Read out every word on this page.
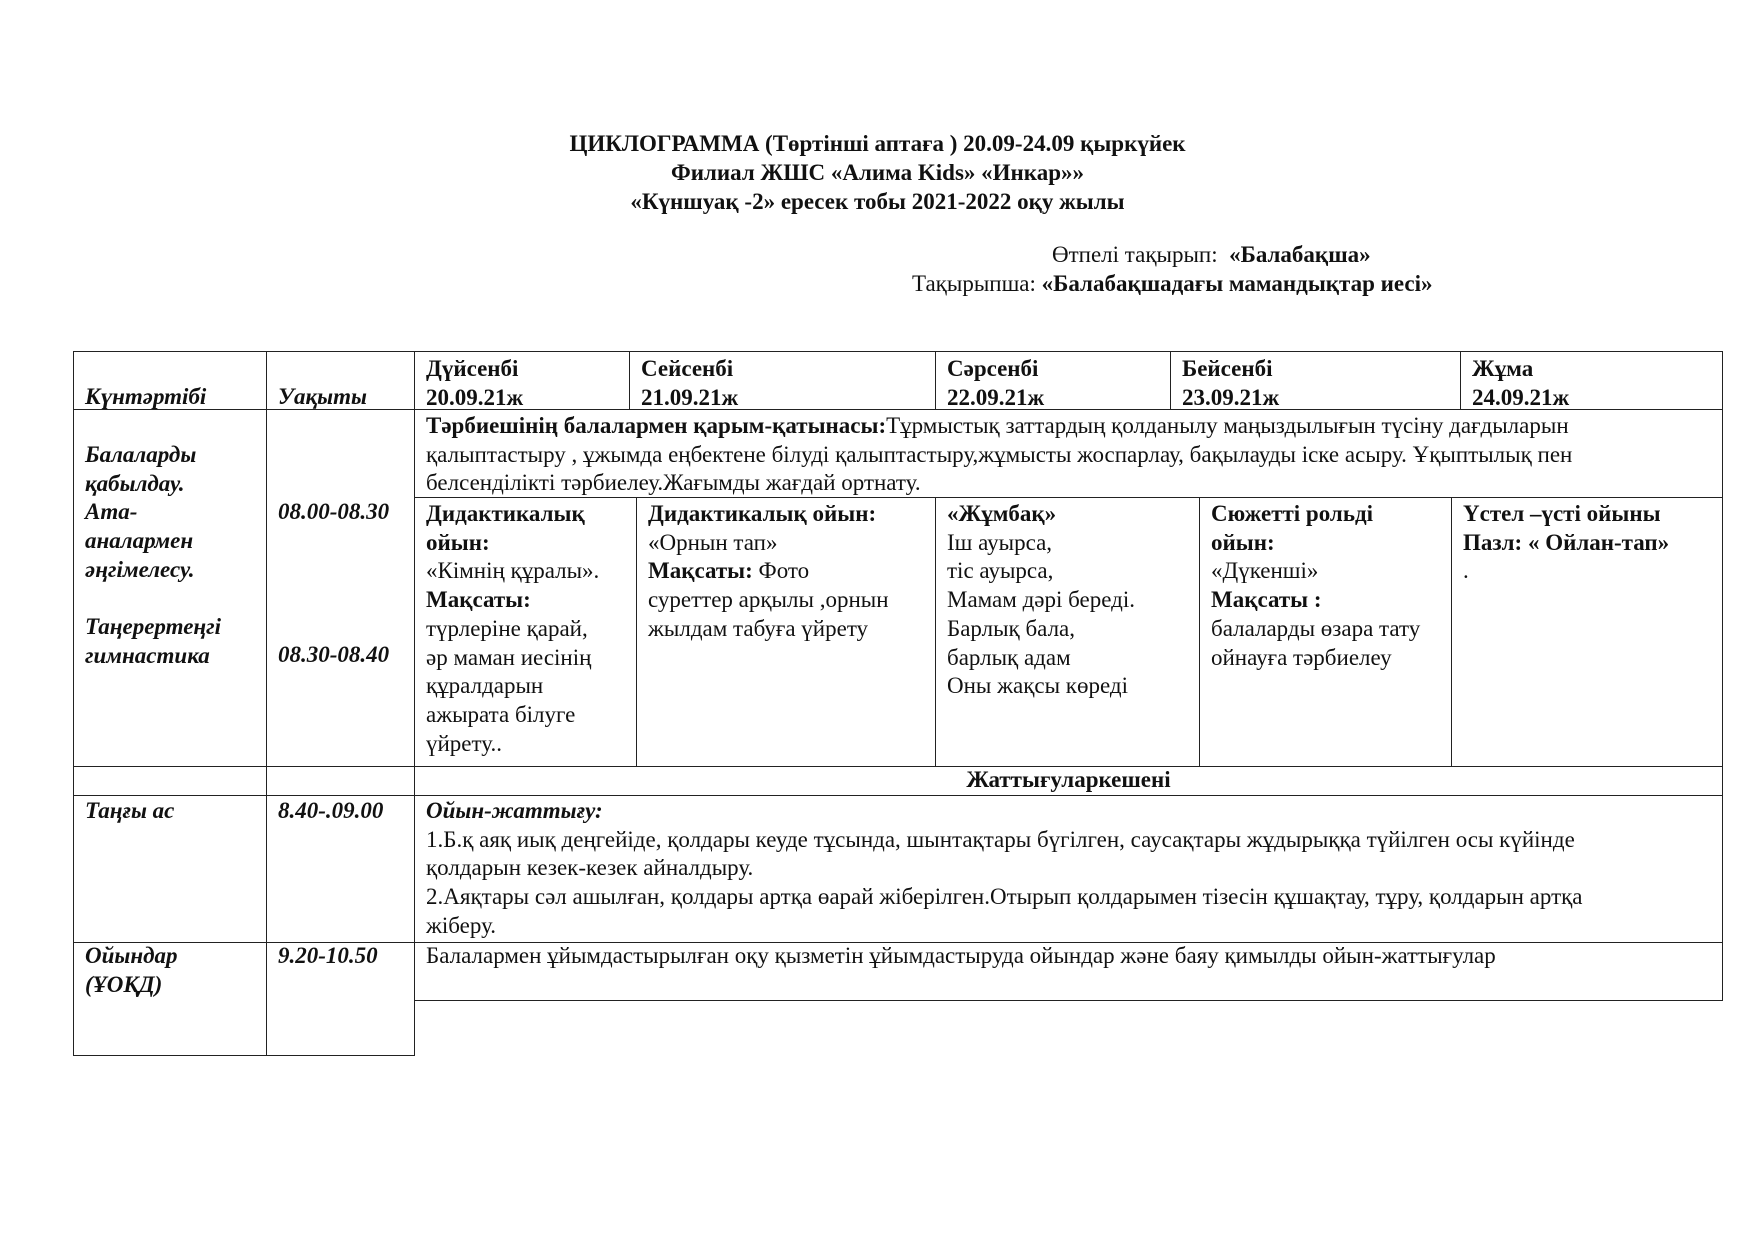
ЦИКЛОГРАММА (Төртінші аптаға ) 20.09-24.09 қыркүйек
Филиал ЖШС «Алима Kids» «Инкар»»
«Күншуақ -2» ересек тобы 2021-2022 оқу жылы
Өтпелі тақырып: «Балабақша»
Тақырыпша: «Балабақшадағы мамандықтар иесі»
Күнтәртібі	Уақыты
Дүйсенбі
20.09.21ж
Сейсенбі
21.09.21ж
Сәрсенбі
22.09.21ж
Бейсенбі
23.09.21ж
Жұма
24.09.21ж
Балаларды
қабылдау.
Ата-
аналармен
әңгімелесу.
Таңерертеңгі
гимнастика
08.00-08.30
08.30-08.40
Тәрбиешінің балалармен қарым-қатынасы:Тұрмыстық заттардың қолданылу маңыздылығын түсіну дағдыларын
қалыптастыру , ұжымда еңбектене білуді қалыптастыру,жұмысты жоспарлау, бақылауды іске асыру. Ұқыптылық пен
белсенділікті тәрбиелеу.Жағымды жағдай ортнату.
Дидактикалық
ойын:
«Кімнің құралы».
Мақсаты:
түрлеріне қарай,
әр маман иесінің
құралдарын
ажырата білуге
үйрету..
Дидактикалық ойын:
«Орнын тап»
Мақсаты: Фото
суреттер арқылы ,орнын
жылдам табуға үйрету
«Жұмбақ»
Іш ауырса,
тіс ауырса,
Мамам дәрі береді.
Барлық бала,
барлық адам
Оны жақсы көреді
Сюжетті рольді
ойын:
«Дүкенші»
Мақсаты :
балаларды өзара тату
ойнауға тәрбиелеу
Үстел –үсті ойыны
Пазл: « Ойлан-тап»
.
Жаттығуларкешені
Таңғы ас	8.40-.09.00 Ойын-жаттығу:
1.Б.қ аяқ иық деңгейіде, қолдары кеуде тұсында, шынтақтары бүгілген, саусақтары жұдырыққа түйілген осы күйінде
қолдарын кезек-кезек айналдыру.
2.Аяқтары сәл ашылған, қолдары артқа өарай жіберілген.Отырып қолдарымен тізесін құшақтау, тұру, қолдарын артқа
жіберу.
Ойындар
(ҰОҚД)
9.20-10.50 Балалармен ұйымдастырылған оқу қызметін ұйымдастыруда ойындар және баяу қимылды ойын-жаттығулар
